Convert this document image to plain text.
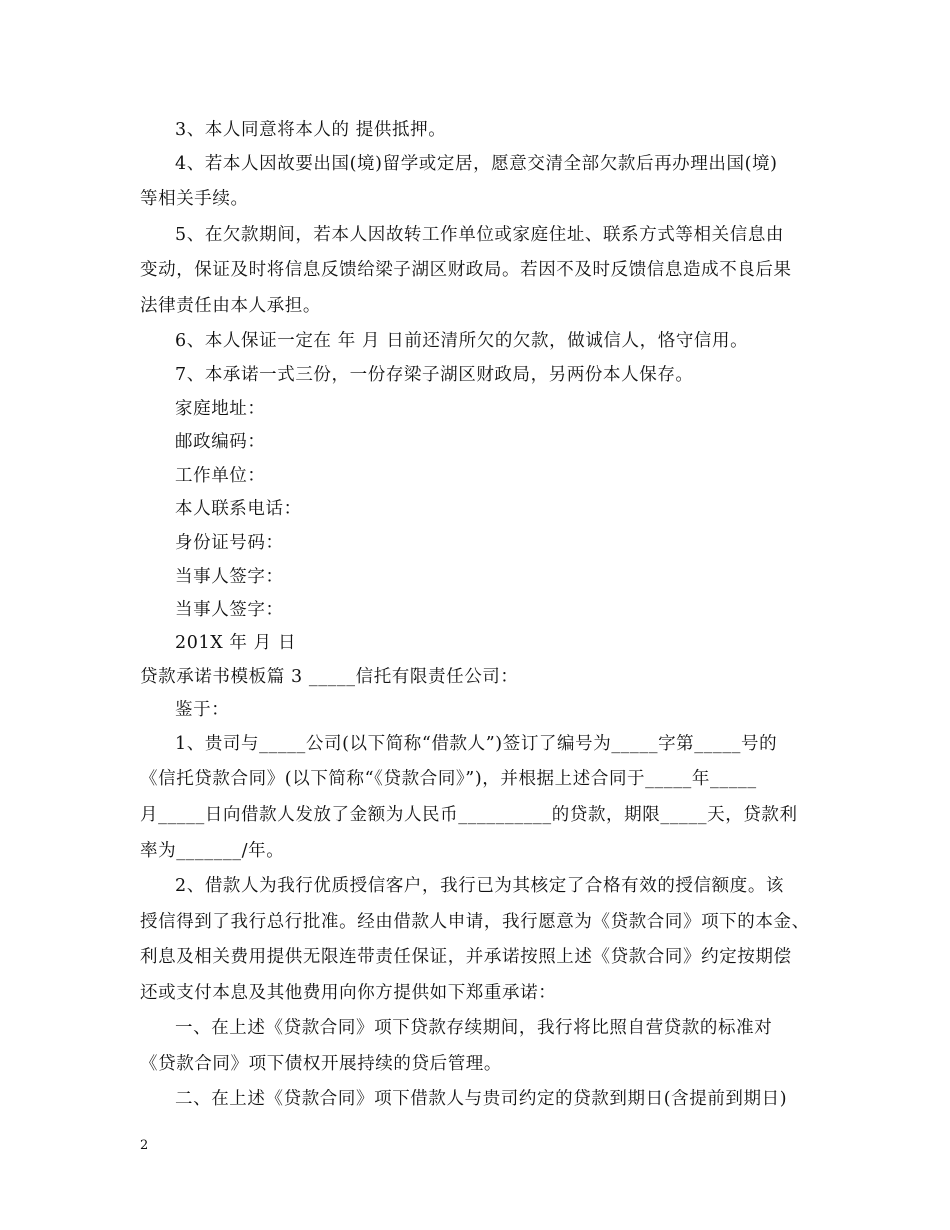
3、本人同意将本人的 提供抵押。
4、若本人因故要出国(境)留学或定居，愿意交清全部欠款后再办理出国(境)
等相关手续。
5、在欠款期间，若本人因故转工作单位或家庭住址、联系方式等相关信息由
变动，保证及时将信息反馈给梁子湖区财政局。若因不及时反馈信息造成不良后果
法律责任由本人承担。
6、本人保证一定在 年 月 日前还清所欠的欠款，做诚信人，恪守信用。
7、本承诺一式三份，一份存梁子湖区财政局，另两份本人保存。
家庭地址：
邮政编码：
工作单位：
本人联系电话：
身份证号码：
当事人签字：
当事人签字：
201X 年 月 日
贷款承诺书模板篇 3 _____信托有限责任公司：
鉴于：
1、贵司与_____公司(以下简称“借款人”)签订了编号为_____字第_____号的
《信托贷款合同》(以下简称“《贷款合同》”)，并根据上述合同于_____年_____
月_____日向借款人发放了金额为人民币__________的贷款，期限_____天，贷款利
率为_______/年。
2、借款人为我行优质授信客户，我行已为其核定了合格有效的授信额度。该
授信得到了我行总行批准。经由借款人申请，我行愿意为《贷款合同》项下的本金、
利息及相关费用提供无限连带责任保证，并承诺按照上述《贷款合同》约定按期偿
还或支付本息及其他费用向你方提供如下郑重承诺：
一、在上述《贷款合同》项下贷款存续期间，我行将比照自营贷款的标准对
《贷款合同》项下债权开展持续的贷后管理。
二、在上述《贷款合同》项下借款人与贵司约定的贷款到期日(含提前到期日)
2
